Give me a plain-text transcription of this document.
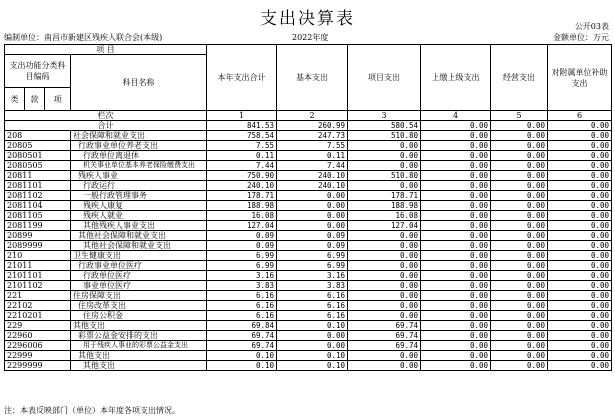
支出决算表	公开03表
编制单位：南昌市新建区残疾人联合会(本级)	2022年度	金额单位：万元
项 目				本年支出合计	基本支出	项目支出	上缴上级支出	经营支出	对附属单位补助支出
支出功能分类科目编码			科目名称						
类	款	项							
栏次				1	2	3	4	5	6
合计				841.53	260.99	580.54	0.00	0.00	0.00
208			社会保障和就业支出	758.54	247.73	510.80	0.00	0.00	0.00
20805			行政事业单位养老支出	7.55	7.55	0.00	0.00	0.00	0.00
2080501			行政单位离退休	0.11	0.11	0.00	0.00	0.00	0.00
2080505			机关事业单位基本养老保险缴费支出	7.44	7.44	0.00	0.00	0.00	0.00
20811			残疾人事业	750.90	240.10	510.80	0.00	0.00	0.00
2081101			行政运行	240.10	240.10	0.00	0.00	0.00	0.00
2081102			一般行政管理事务	178.71	0.00	178.71	0.00	0.00	0.00
2081104			残疾人康复	188.98	0.00	188.98	0.00	0.00	0.00
2081105			残疾人就业	16.08	0.00	16.08	0.00	0.00	0.00
2081199			其他残疾人事业支出	127.04	0.00	127.04	0.00	0.00	0.00
20899			其他社会保障和就业支出	0.09	0.09	0.00	0.00	0.00	0.00
2089999			其他社会保障和就业支出	0.09	0.09	0.00	0.00	0.00	0.00
210			卫生健康支出	6.99	6.99	0.00	0.00	0.00	0.00
21011			行政事业单位医疗	6.99	6.99	0.00	0.00	0.00	0.00
2101101			行政单位医疗	3.16	3.16	0.00	0.00	0.00	0.00
2101102			事业单位医疗	3.83	3.83	0.00	0.00	0.00	0.00
221			住房保障支出	6.16	6.16	0.00	0.00	0.00	0.00
22102			住房改革支出	6.16	6.16	0.00	0.00	0.00	0.00
2210201			住房公积金	6.16	6.16	0.00	0.00	0.00	0.00
229			其他支出	69.84	0.10	69.74	0.00	0.00	0.00
22960			彩票公益金安排的支出	69.74	0.00	69.74	0.00	0.00	0.00
2296006			用于残疾人事业的彩票公益金支出	69.74	0.00	69.74	0.00	0.00	0.00
22999			其他支出	0.10	0.10	0.00	0.00	0.00	0.00
2299999			其他支出	0.10	0.10	0.00	0.00	0.00	0.00
注：本表反映部门（单位）本年度各项支出情况。
